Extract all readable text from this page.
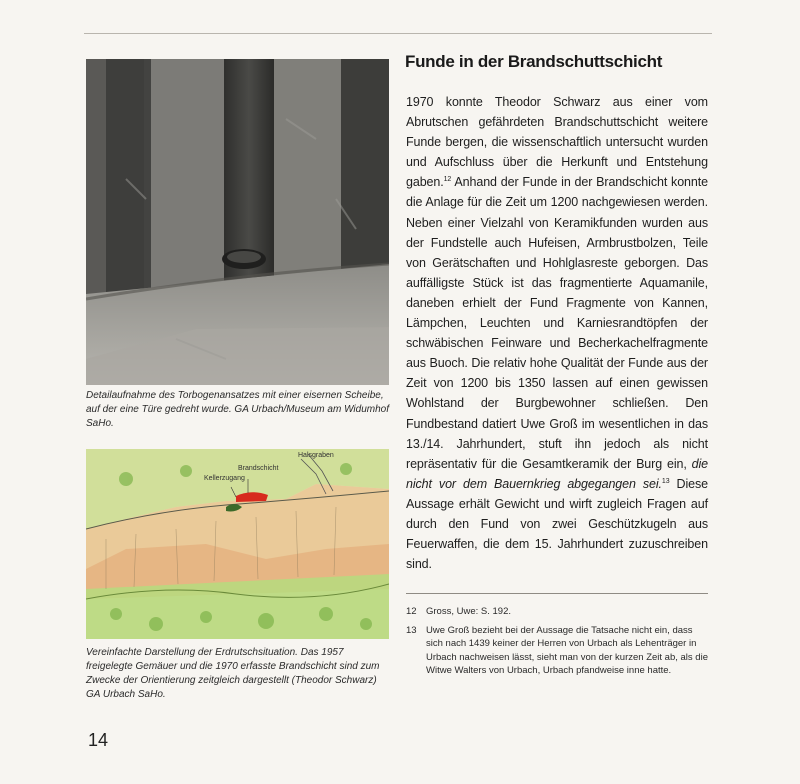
Detailaufnahme des Torbogenansatzes mit einer eisernen Scheibe, auf der eine Türe gedreht wurde. GA Urbach/Museum am Widumhof SaHo.

Brandschicht
Kellerzugang
Halsgraben

Vereinfachte Darstellung der Erdrutschsituation. Das 1957 freigelegte Gemäuer und die 1970 erfasste Brandschicht sind zum Zwecke der Orientierung zeitgleich dargestellt (Theodor Schwarz) GA Urbach SaHo.

14
Funde in der Brandschuttschicht

1970 konnte Theodor Schwarz aus einer vom Abrutschen gefährdeten Brandschuttschicht weitere Funde bergen, die wissenschaftlich untersucht wurden und Aufschluss über die Herkunft und Entstehung gaben.$^{12}$ Anhand der Funde in der Brandschicht konnte die Anlage für die Zeit um 1200 nachgewiesen werden. Neben einer Vielzahl von Keramikfunden wurden aus der Fundstelle auch Hufeisen, Armbrustbolzen, Teile von Gerätschaften und Hohlglasreste geborgen. Das auffälligste Stück ist das fragmentierte Aquamanile, daneben erhielt der Fund Fragmente von Kannen, Lämpchen, Leuchten und Karniesrandtöpfen der schwäbischen Feinware und Becherkachelfragmente aus Buoch. Die relativ hohe Qualität der Funde aus der Zeit von 1200 bis 1350 lassen auf einen gewissen Wohlstand der Burgbewohner schließen. Den Fundbestand datiert Uwe Groß im wesentlichen in das 13./14. Jahrhundert, stuft ihn jedoch als nicht repräsentativ für die Gesamtkeramik der Burg ein, die nicht vor dem Bauernkrieg abgegangen sei.$^{13}$ Diese Aussage erhält Gewicht und wirft zugleich Fragen auf durch den Fund von zwei Geschützkugeln aus Feuerwaffen, die dem 15. Jahrhundert zuzuschreiben sind.

12 Gross, Uwe: S. 192.
13 Uwe Groß bezieht bei der Aussage die Tatsache nicht ein, dass sich nach 1439 keiner der Herren von Urbach als Lehenträger in Urbach nachweisen lässt, sieht man von der kurzen Zeit ab, als die Witwe Walters von Urbach, Urbach pfandweise inne hatte.
